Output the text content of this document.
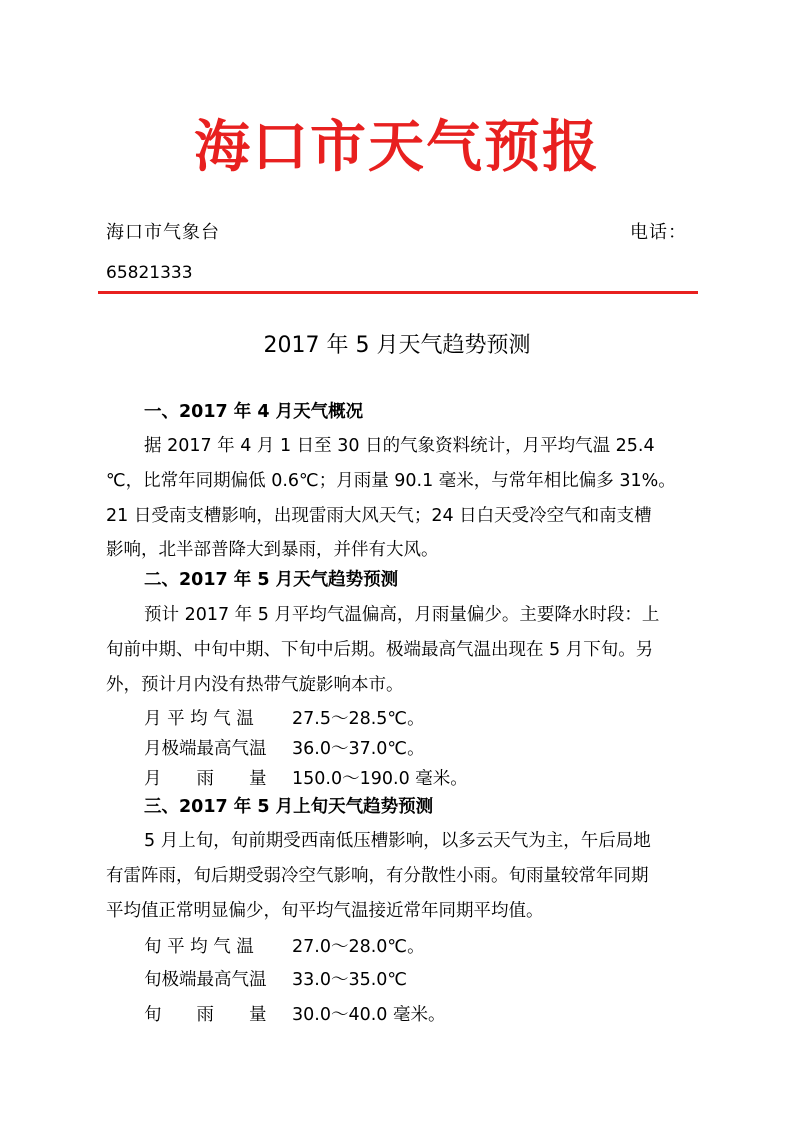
海口市天气预报
海口市气象台	电话：
65821333
2017 年 5 月天气趋势预测
一、2017 年 4 月天气概况
据 2017 年 4 月 1 日至 30 日的气象资料统计，月平均气温 25.4
℃，比常年同期偏低 0.6℃；月雨量 90.1 毫米，与常年相比偏多 31%。
21 日受南支槽影响，出现雷雨大风天气；24 日白天受冷空气和南支槽
影响，北半部普降大到暴雨，并伴有大风。
二、2017 年 5 月天气趋势预测
预计 2017 年 5 月平均气温偏高，月雨量偏少。主要降水时段：上
旬前中期、中旬中期、下旬中后期。极端最高气温出现在 5 月下旬。另
外，预计月内没有热带气旋影响本市。
月 平 均 气 温 27.5～28.5℃。
月极端最高气温 36.0～37.0℃。
月　　雨　　量 150.0～190.0 毫米。
三、2017 年 5 月上旬天气趋势预测
5 月上旬，旬前期受西南低压槽影响，以多云天气为主，午后局地
有雷阵雨，旬后期受弱冷空气影响，有分散性小雨。旬雨量较常年同期
平均值正常明显偏少，旬平均气温接近常年同期平均值。
旬 平 均 气 温 27.0～28.0℃。
旬极端最高气温 33.0～35.0℃
旬　　雨　　量 30.0～40.0 毫米。
